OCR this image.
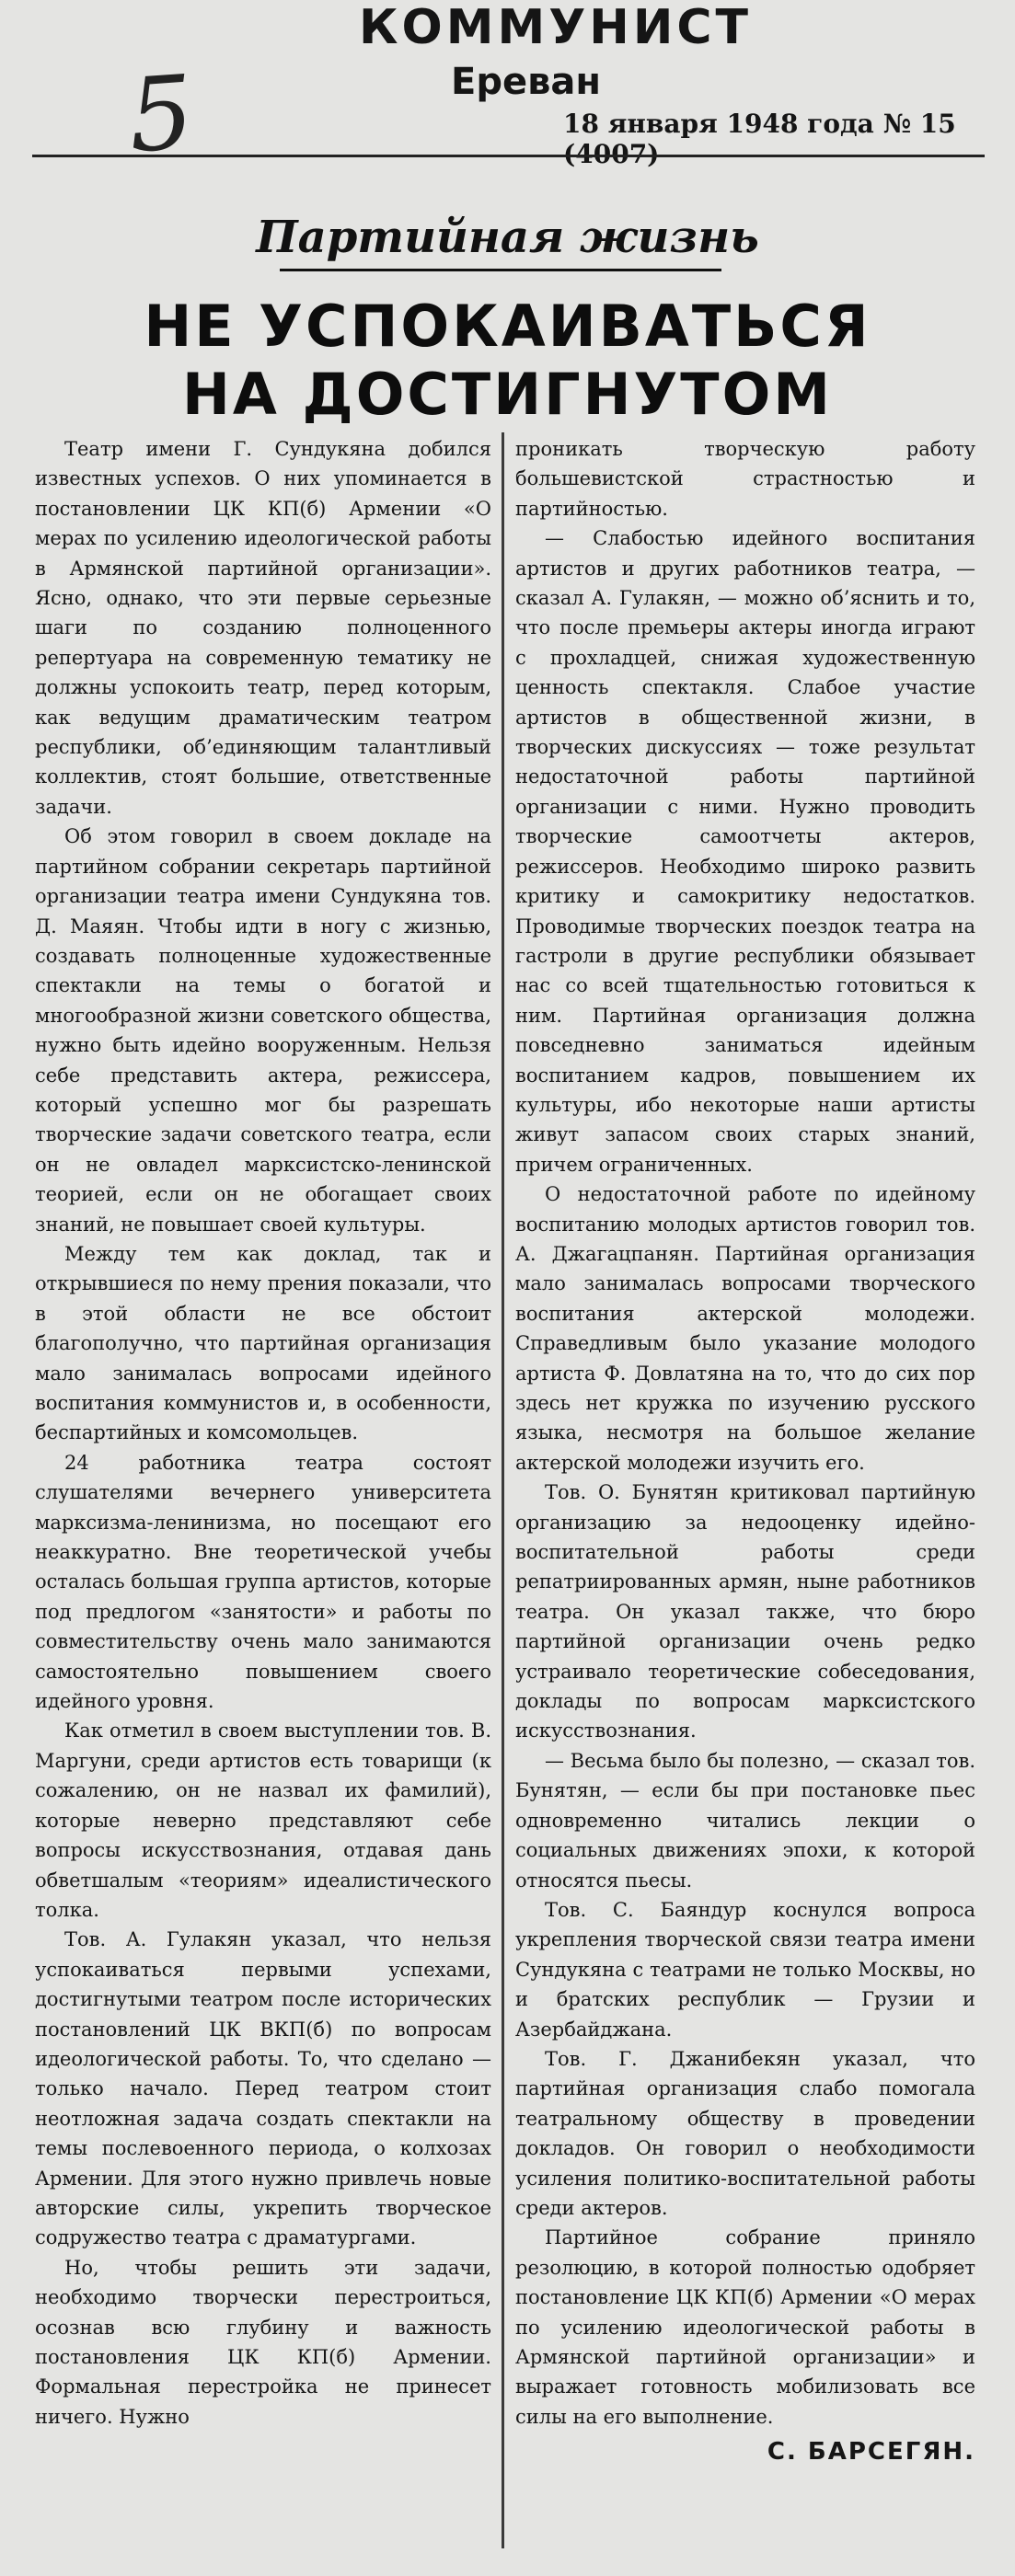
5
КОММУНИСТ
Ереван
18 января 1948 года № 15 (4007)
Партийная жизнь
НЕ УСПОКАИВАТЬСЯ
НА ДОСТИГНУТОМ

Театр имени Г. Сундукяна добился известных успехов. О них упоминается в постановлении ЦК КП(б) Армении «О мерах по усилению идеологической работы в Армянской партийной организации». Ясно, однако, что эти первые серьезные шаги по созданию полноценного репертуара на современную тематику не должны успокоить театр, перед которым, как ведущим драматическим театром республики, об’единяющим талантливый коллектив, стоят большие, ответственные задачи.

Об этом говорил в своем докладе на партийном собрании секретарь партийной организации театра имени Сундукяна тов. Д. Маяян. Чтобы идти в ногу с жизнью, создавать полноценные художественные спектакли на темы о богатой и многообразной жизни советского общества, нужно быть идейно вооруженным. Нельзя себе представить актера, режиссера, который успешно мог бы разрешать творческие задачи советского театра, если он не овладел марксистско-ленинской теорией, если он не обогащает своих знаний, не повышает своей культуры.

Между тем как доклад, так и открывшиеся по нему прения показали, что в этой области не все обстоит благополучно, что партийная организация мало занималась вопросами идейного воспитания коммунистов и, в особенности, беспартийных и комсомольцев.

24 работника театра состоят слушателями вечернего университета марксизма-ленинизма, но посещают его неаккуратно. Вне теоретической учебы осталась большая группа артистов, которые под предлогом «занятости» и работы по совместительству очень мало занимаются самостоятельно повышением своего идейного уровня.

Как отметил в своем выступлении тов. В. Маргуни, среди артистов есть товарищи (к сожалению, он не назвал их фамилий), которые неверно представляют себе вопросы искусствознания, отдавая дань обветшалым «теориям» идеалистического толка.

Тов. А. Гулакян указал, что нельзя успокаиваться первыми успехами, достигнутыми театром после исторических постановлений ЦК ВКП(б) по вопросам идеологической работы. То, что сделано — только начало. Перед театром стоит неотложная задача создать спектакли на темы послевоенного периода, о колхозах Армении. Для этого нужно привлечь новые авторские силы, укрепить творческое содружество театра с драматургами.

Но, чтобы решить эти задачи, необходимо творчески перестроиться, осознав всю глубину и важность постановления ЦК КП(б) Армении. Формальная перестройка не принесет ничего. Нужно

проникать творческую работу большевистской страстностью и партийностью.

— Слабостью идейного воспитания артистов и других работников театра, — сказал А. Гулакян, — можно об’яснить и то, что после премьеры актеры иногда играют с прохладцей, снижая художественную ценность спектакля. Слабое участие артистов в общественной жизни, в творческих дискуссиях — тоже результат недостаточной работы партийной организации с ними. Нужно проводить творческие самоотчеты актеров, режиссеров. Необходимо широко развить критику и самокритику недостатков. Проводимые творческих поездок театра на гастроли в другие республики обязывает нас со всей тщательностью готовиться к ним. Партийная организация должна повседневно заниматься идейным воспитанием кадров, повышением их культуры, ибо некоторые наши артисты живут запасом своих старых знаний, причем ограниченных.

О недостаточной работе по идейному воспитанию молодых артистов говорил тов. А. Джагацпанян. Партийная организация мало занималась вопросами творческого воспитания актерской молодежи. Справедливым было указание молодого артиста Ф. Довлатяна на то, что до сих пор здесь нет кружка по изучению русского языка, несмотря на большое желание актерской молодежи изучить его.

Тов. О. Бунятян критиковал партийную организацию за недооценку идейно-воспитательной работы среди репатриированных армян, ныне работников театра. Он указал также, что бюро партийной организации очень редко устраивало теоретические собеседования, доклады по вопросам марксистского искусствознания.

— Весьма было бы полезно, — сказал тов. Бунятян, — если бы при постановке пьес одновременно читались лекции о социальных движениях эпохи, к которой относятся пьесы.

Тов. С. Баяндур коснулся вопроса укрепления творческой связи театра имени Сундукяна с театрами не только Москвы, но и братских республик — Грузии и Азербайджана.

Тов. Г. Джанибекян указал, что партийная организация слабо помогала театральному обществу в проведении докладов. Он говорил о необходимости усиления политико-воспитательной работы среди актеров.

Партийное собрание приняло резолюцию, в которой полностью одобряет постановление ЦК КП(б) Армении «О мерах по усилению идеологической работы в Армянской партийной организации» и выражает готовность мобилизовать все силы на его выполнение.

С. БАРСЕГЯН.
